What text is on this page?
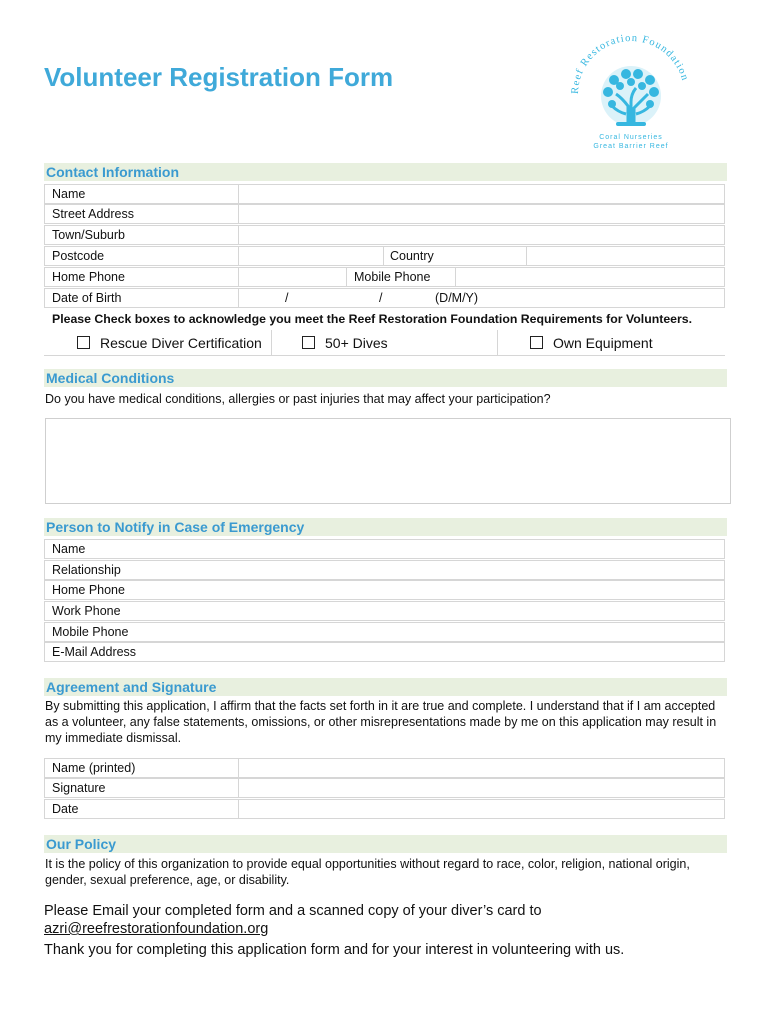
Volunteer Registration Form	Reef Restoration Foundation
Coral Nurseries
Great Barrier Reef
Contact Information
Name
Street Address
Town/Suburb
Postcode	Country
Home Phone	Mobile Phone
Date of Birth	/	/	(D/M/Y)
Please Check boxes to acknowledge you meet the Reef Restoration Foundation Requirements for Volunteers.
Rescue Diver Certification	50+ Dives	Own Equipment
Medical Conditions
Do you have medical conditions, allergies or past injuries that may affect your participation?
Person to Notify in Case of Emergency
Name
Relationship
Home Phone
Work Phone
Mobile Phone
E-Mail Address
Agreement and Signature
By submitting this application, I affirm that the facts set forth in it are true and complete. I understand that if I am accepted as a volunteer, any false statements, omissions, or other misrepresentations made by me on this application may result in my immediate dismissal.
Name (printed)
Signature
Date
Our Policy
It is the policy of this organization to provide equal opportunities without regard to race, color, religion, national origin, gender, sexual preference, age, or disability.
Please Email your completed form and a scanned copy of your diver’s card to
azri@reefrestorationfoundation.org
Thank you for completing this application form and for your interest in volunteering with us.
